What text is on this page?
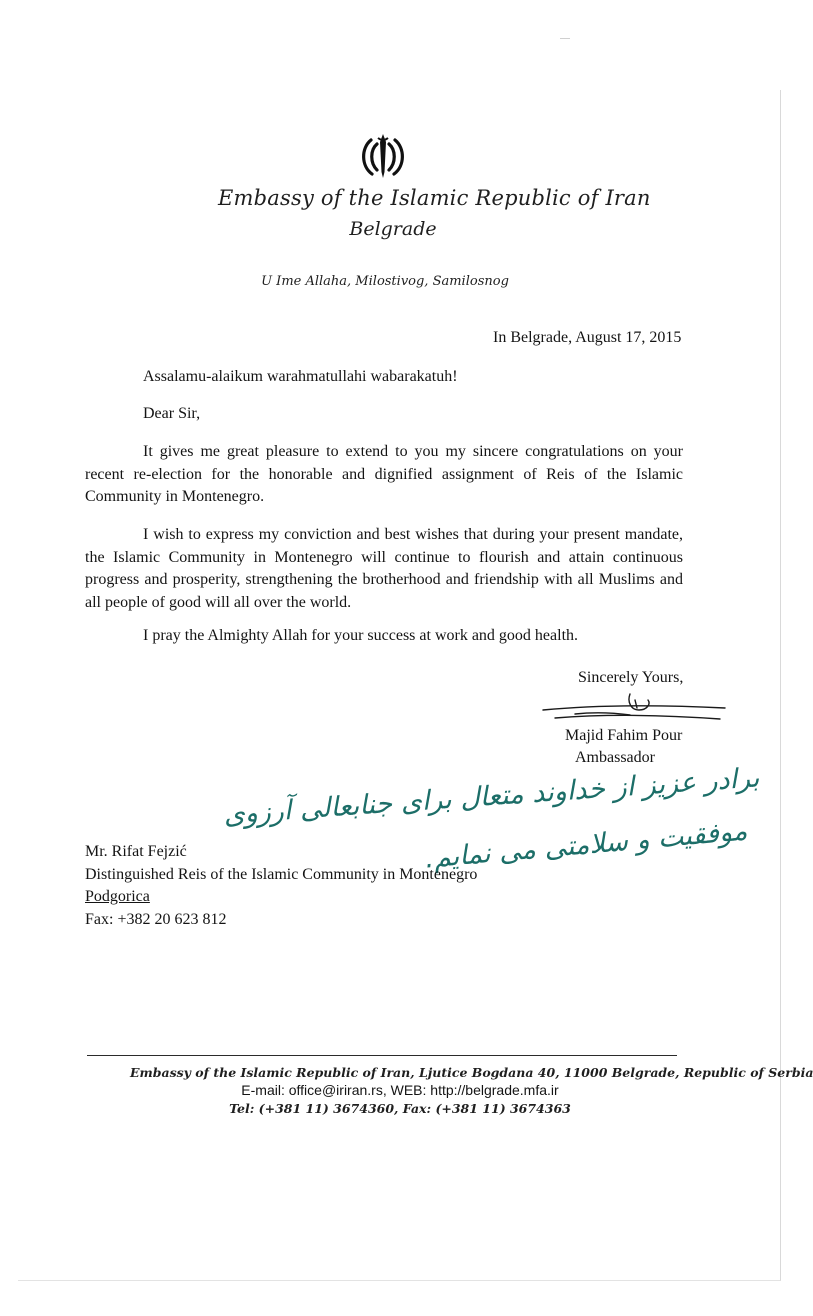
Embassy of the Islamic Republic of Iran
Belgrade
U Ime Allaha, Milostivog, Samilosnog
In Belgrade, August 17, 2015
Assalamu-alaikum warahmatullahi wabarakatuh!
Dear Sir,
It gives me great pleasure to extend to you my sincere congratulations on your recent re-election for the honorable and dignified assignment of Reis of the Islamic Community in Montenegro.
I wish to express my conviction and best wishes that during your present mandate, the Islamic Community in Montenegro will continue to flourish and attain continuous progress and prosperity, strengthening the brotherhood and friendship with all Muslims and all people of good will all over the world.
I pray the Almighty Allah for your success at work and good health.
Sincerely Yours,
Majid Fahim Pour
Ambassador
برادر عزیز از خداوند متعال برای جنابعالی آرزوی
موفقیت و سلامتی می نمایم.
Mr. Rifat Fejzić
Distinguished Reis of the Islamic Community in Montenegro
Podgorica
Fax: +382 20 623 812
Embassy of the Islamic Republic of Iran, Ljutice Bogdana 40, 11000 Belgrade, Republic of Serbia
E-mail: office@iriran.rs, WEB: http://belgrade.mfa.ir
Tel: (+381 11) 3674360, Fax: (+381 11) 3674363
